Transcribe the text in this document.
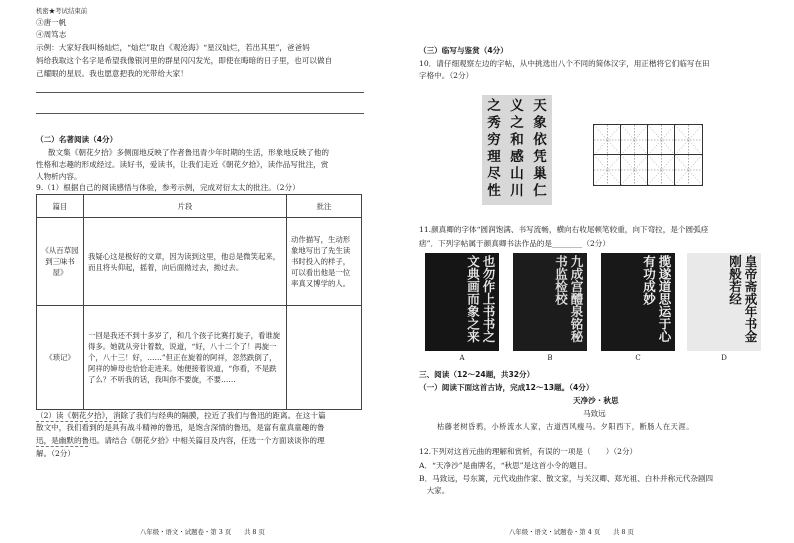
机密★考试结束前
③唐一帆
④周笃志
示例：大家好我叫杨灿烂，“灿烂”取自《观沧海》“星汉灿烂，若出其里”，爸爸妈
妈给我取这个名字是希望我像银河里的群星闪闪发光，即使在晦暗的日子里，也可以做自
己耀眼的星辰。我也愿意把我的光带给大家！
（二）名著阅读（4分）
散文集《朝花夕拾》多侧面地反映了作者鲁迅青少年时期的生活，形象地反映了他的
性格和志趣的形成经过。读好书，爱读书，让我们走近《朝花夕拾》，读作品写批注，赏
人物析内容。
9.（1）根据自己的阅读感悟与体验，参考示例，完成对衍太太的批注。（2分）
篇目	片段	批注
《从百草园到三味书屋》	我疑心这是极好的文章，因为读到这里，他总是微笑起来，而且将头仰起，摇着，向后面拗过去，拗过去。	动作描写，生动形象地写出了先生读书时投入的样子，可以看出他是一位率真又博学的人。
《琐记》	一回是我还不到十多岁了，和几个孩子比赛打旋子，看谁旋得多。她就从旁计着数，说道，“好，八十二个了！再旋一个，八十三！好，……”但正在旋着的阿祥，忽然跌倒了，阿祥的婶母也恰恰走进来。她便接着说道，“你看，不是跌了么？不听我的话，我叫你不要旋，不要……	
（2）读《朝花夕拾》，消除了我们与经典的隔膜，拉近了我们与鲁迅的距离。在这十篇
散文中，我们看到的是具有战斗精神的鲁迅，是饱含深情的鲁迅，是富有童真童趣的鲁
迅，是幽默的鲁迅。请结合《朝花夕拾》中相关篇目及内容，任选一个方面谈谈你的理
解。（2分）
八年级・语文・试题卷・第 3 页　　共 8 页
（三）临写与鉴赏（4分）
10．请仔细观察左边的字帖，从中挑选出八个不同的简体汉字，用正楷将它们临写在田
字格中。（2分）
天象依凭巢仁
义之和感山川
之秀穷理尽性
11.颜真卿的字体“圆润饱满、书写流畅，横向右收尾顿笔较重，向下弯拉，是个圆弧痉
痞”．下列字帖属于颜真卿书法作品的是________（2分）
也勿作上书书之文典画而象之来	九成宫醴泉铭秘书监检校	揽遂道思运于心有功成妙	皇帝斋戒年书金刚般若经
A	B	C	D
三、阅读（12～24题，共32分）
（一）阅读下面这首古诗，完成12～13题。（4分）
天净沙・秋思
马致远
枯藤老树昏鸦，小桥流水人家，古道西风瘦马。夕阳西下，断肠人在天涯。
12.下列对这首元曲的理解和赏析，有误的一项是（　　）（2分）
A．“天净沙”是曲牌名，“秋思”是这首小令的题目。
B．马致远，号东篱，元代戏曲作家、散文家，与关汉卿、郑光祖、白朴并称元代杂剧四
　大家。
八年级・语文・试题卷・第 4 页　　共 8 页
